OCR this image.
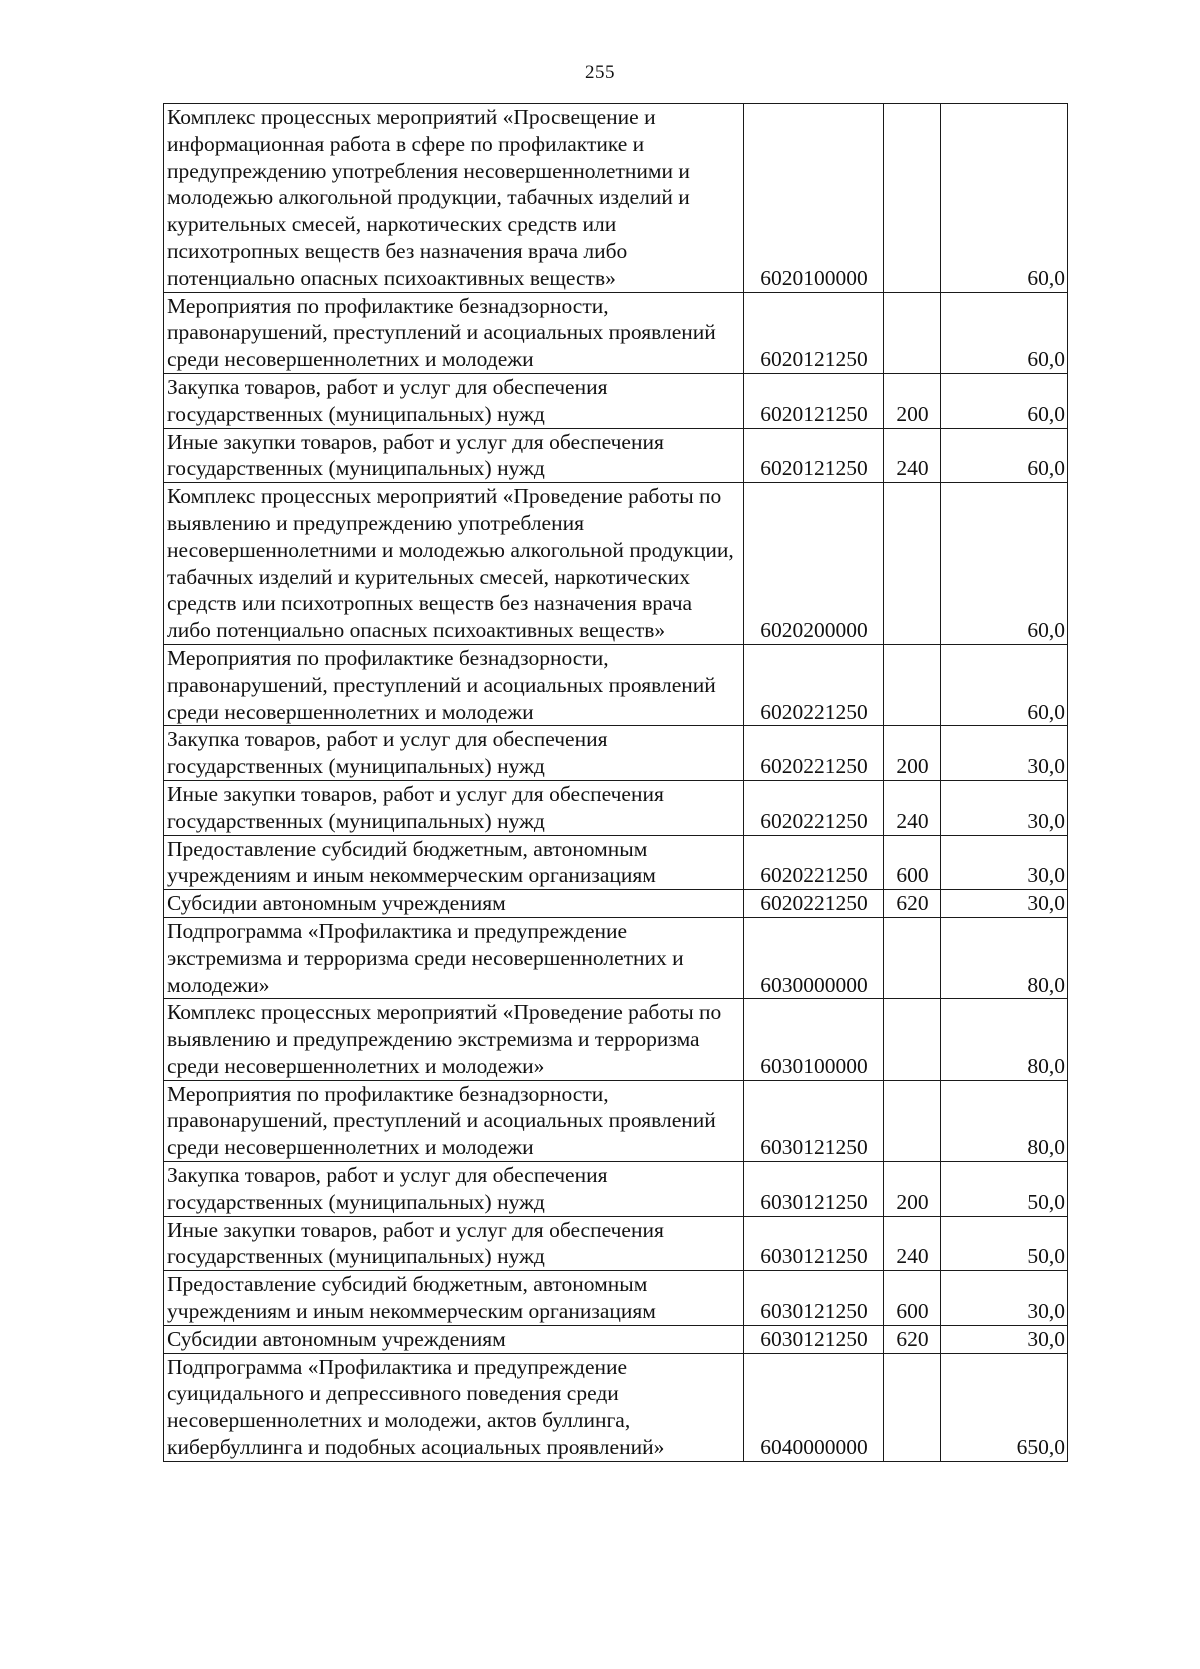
255
Комплекс процессных мероприятий «Просвещение и информационная работа в сфере по профилактике и предупреждению употребления несовершеннолетними и молодежью алкогольной продукции, табачных изделий и курительных смесей, наркотических средств или психотропных веществ без назначения врача либо потенциально опасных психоактивных веществ»	6020100000		60,0
Мероприятия по профилактике безнадзорности, правонарушений, преступлений и асоциальных проявлений среди несовершеннолетних и молодежи	6020121250		60,0
Закупка товаров, работ и услуг для обеспечения государственных (муниципальных) нужд	6020121250	200	60,0
Иные закупки товаров, работ и услуг для обеспечения государственных (муниципальных) нужд	6020121250	240	60,0
Комплекс процессных мероприятий «Проведение работы по выявлению и предупреждению употребления несовершеннолетними и молодежью алкогольной продукции, табачных изделий и курительных смесей, наркотических средств или психотропных веществ без назначения врача либо потенциально опасных психоактивных веществ»	6020200000		60,0
Мероприятия по профилактике безнадзорности, правонарушений, преступлений и асоциальных проявлений среди несовершеннолетних и молодежи	6020221250		60,0
Закупка товаров, работ и услуг для обеспечения государственных (муниципальных) нужд	6020221250	200	30,0
Иные закупки товаров, работ и услуг для обеспечения государственных (муниципальных) нужд	6020221250	240	30,0
Предоставление субсидий бюджетным, автономным учреждениям и иным некоммерческим организациям	6020221250	600	30,0
Субсидии автономным учреждениям	6020221250	620	30,0
Подпрограмма «Профилактика и предупреждение экстремизма и терроризма среди несовершеннолетних и молодежи»	6030000000		80,0
Комплекс процессных мероприятий «Проведение работы по выявлению и предупреждению экстремизма и терроризма среди несовершеннолетних и молодежи»	6030100000		80,0
Мероприятия по профилактике безнадзорности, правонарушений, преступлений и асоциальных проявлений среди несовершеннолетних и молодежи	6030121250		80,0
Закупка товаров, работ и услуг для обеспечения государственных (муниципальных) нужд	6030121250	200	50,0
Иные закупки товаров, работ и услуг для обеспечения государственных (муниципальных) нужд	6030121250	240	50,0
Предоставление субсидий бюджетным, автономным учреждениям и иным некоммерческим организациям	6030121250	600	30,0
Субсидии автономным учреждениям	6030121250	620	30,0
Подпрограмма «Профилактика и предупреждение суицидального и депрессивного поведения среди несовершеннолетних и молодежи, актов буллинга, кибербуллинга и подобных асоциальных проявлений»	6040000000		650,0
